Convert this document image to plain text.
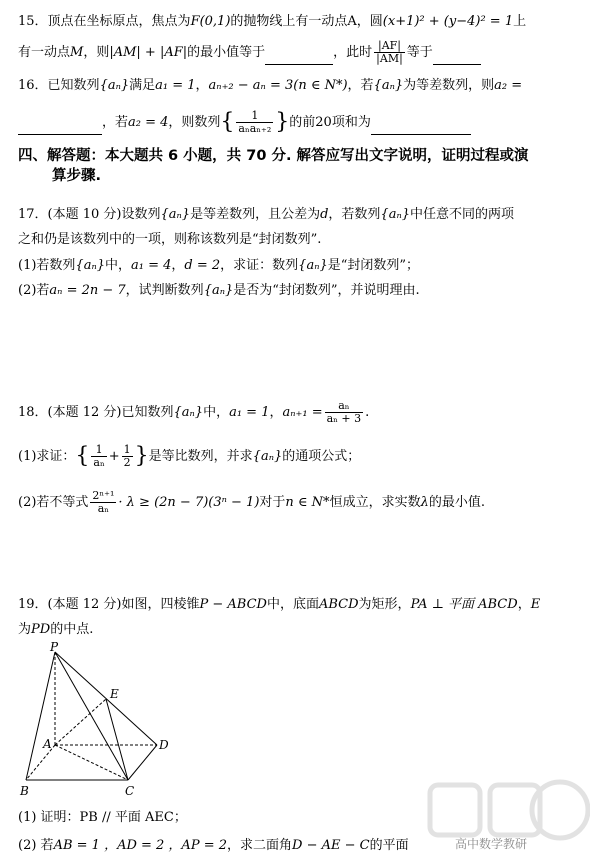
15．顶点在坐标原点，焦点为F(0,1)的抛物线上有一动点A，圆(x+1)² + (y−4)² = 1上
有一动点M，则|AM| + |AF|的最小值等于	，此时 $\frac{|AF|}{|AM|}$ 等于
16．已知数列{aₙ}满足a₁ = 1，aₙ₊₂ − aₙ = 3(n ∈ N*)，若{aₙ}为等差数列，则a₂ =
，若a₂ = 4，则数列{ $\frac{1}{\text{aₙaₙ₊₂}}$ }的前20项和为
四、解答题：本大题共 6 小题，共 70 分. 解答应写出文字说明，证明过程或演
算步骤.
17．(本题 10 分)设数列{aₙ}是等差数列，且公差为d，若数列{aₙ}中任意不同的两项
之和仍是该数列中的一项，则称该数列是“封闭数列”.
(1)若数列{aₙ}中，a₁ = 4，d = 2，求证：数列{aₙ}是“封闭数列”；
(2)若aₙ = 2n − 7，试判断数列{aₙ}是否为“封闭数列”，并说明理由.
18．(本题 12 分)已知数列{aₙ}中，a₁ = 1，$a_{n+1} = \frac{\text{aₙ}}{\text{aₙ + 3}}$ .
(1)求证：{ $\frac{1}{\text{aₙ}} + \frac{1}{2}$ }是等比数列，并求{aₙ}的通项公式；
(2)若不等式 $\frac{\text{2ⁿ⁺¹}}{\text{aₙ}} \cdot \lambda \ge (2n - 7)(3^n - 1)$对于n ∈ N*恒成立，求实数λ的最小值.
19．(本题 12 分)如图，四棱锥P − ABCD中，底面ABCD为矩形，PA ⊥ 平面 ABCD，E
为PD的中点.
P
E
A	D
B	C
(1) 证明：PB // 平面 AEC；
(2) 若AB = 1 ，AD = 2 ，AP = 2，求二面角D − AE − C的平面	高中数学教研
